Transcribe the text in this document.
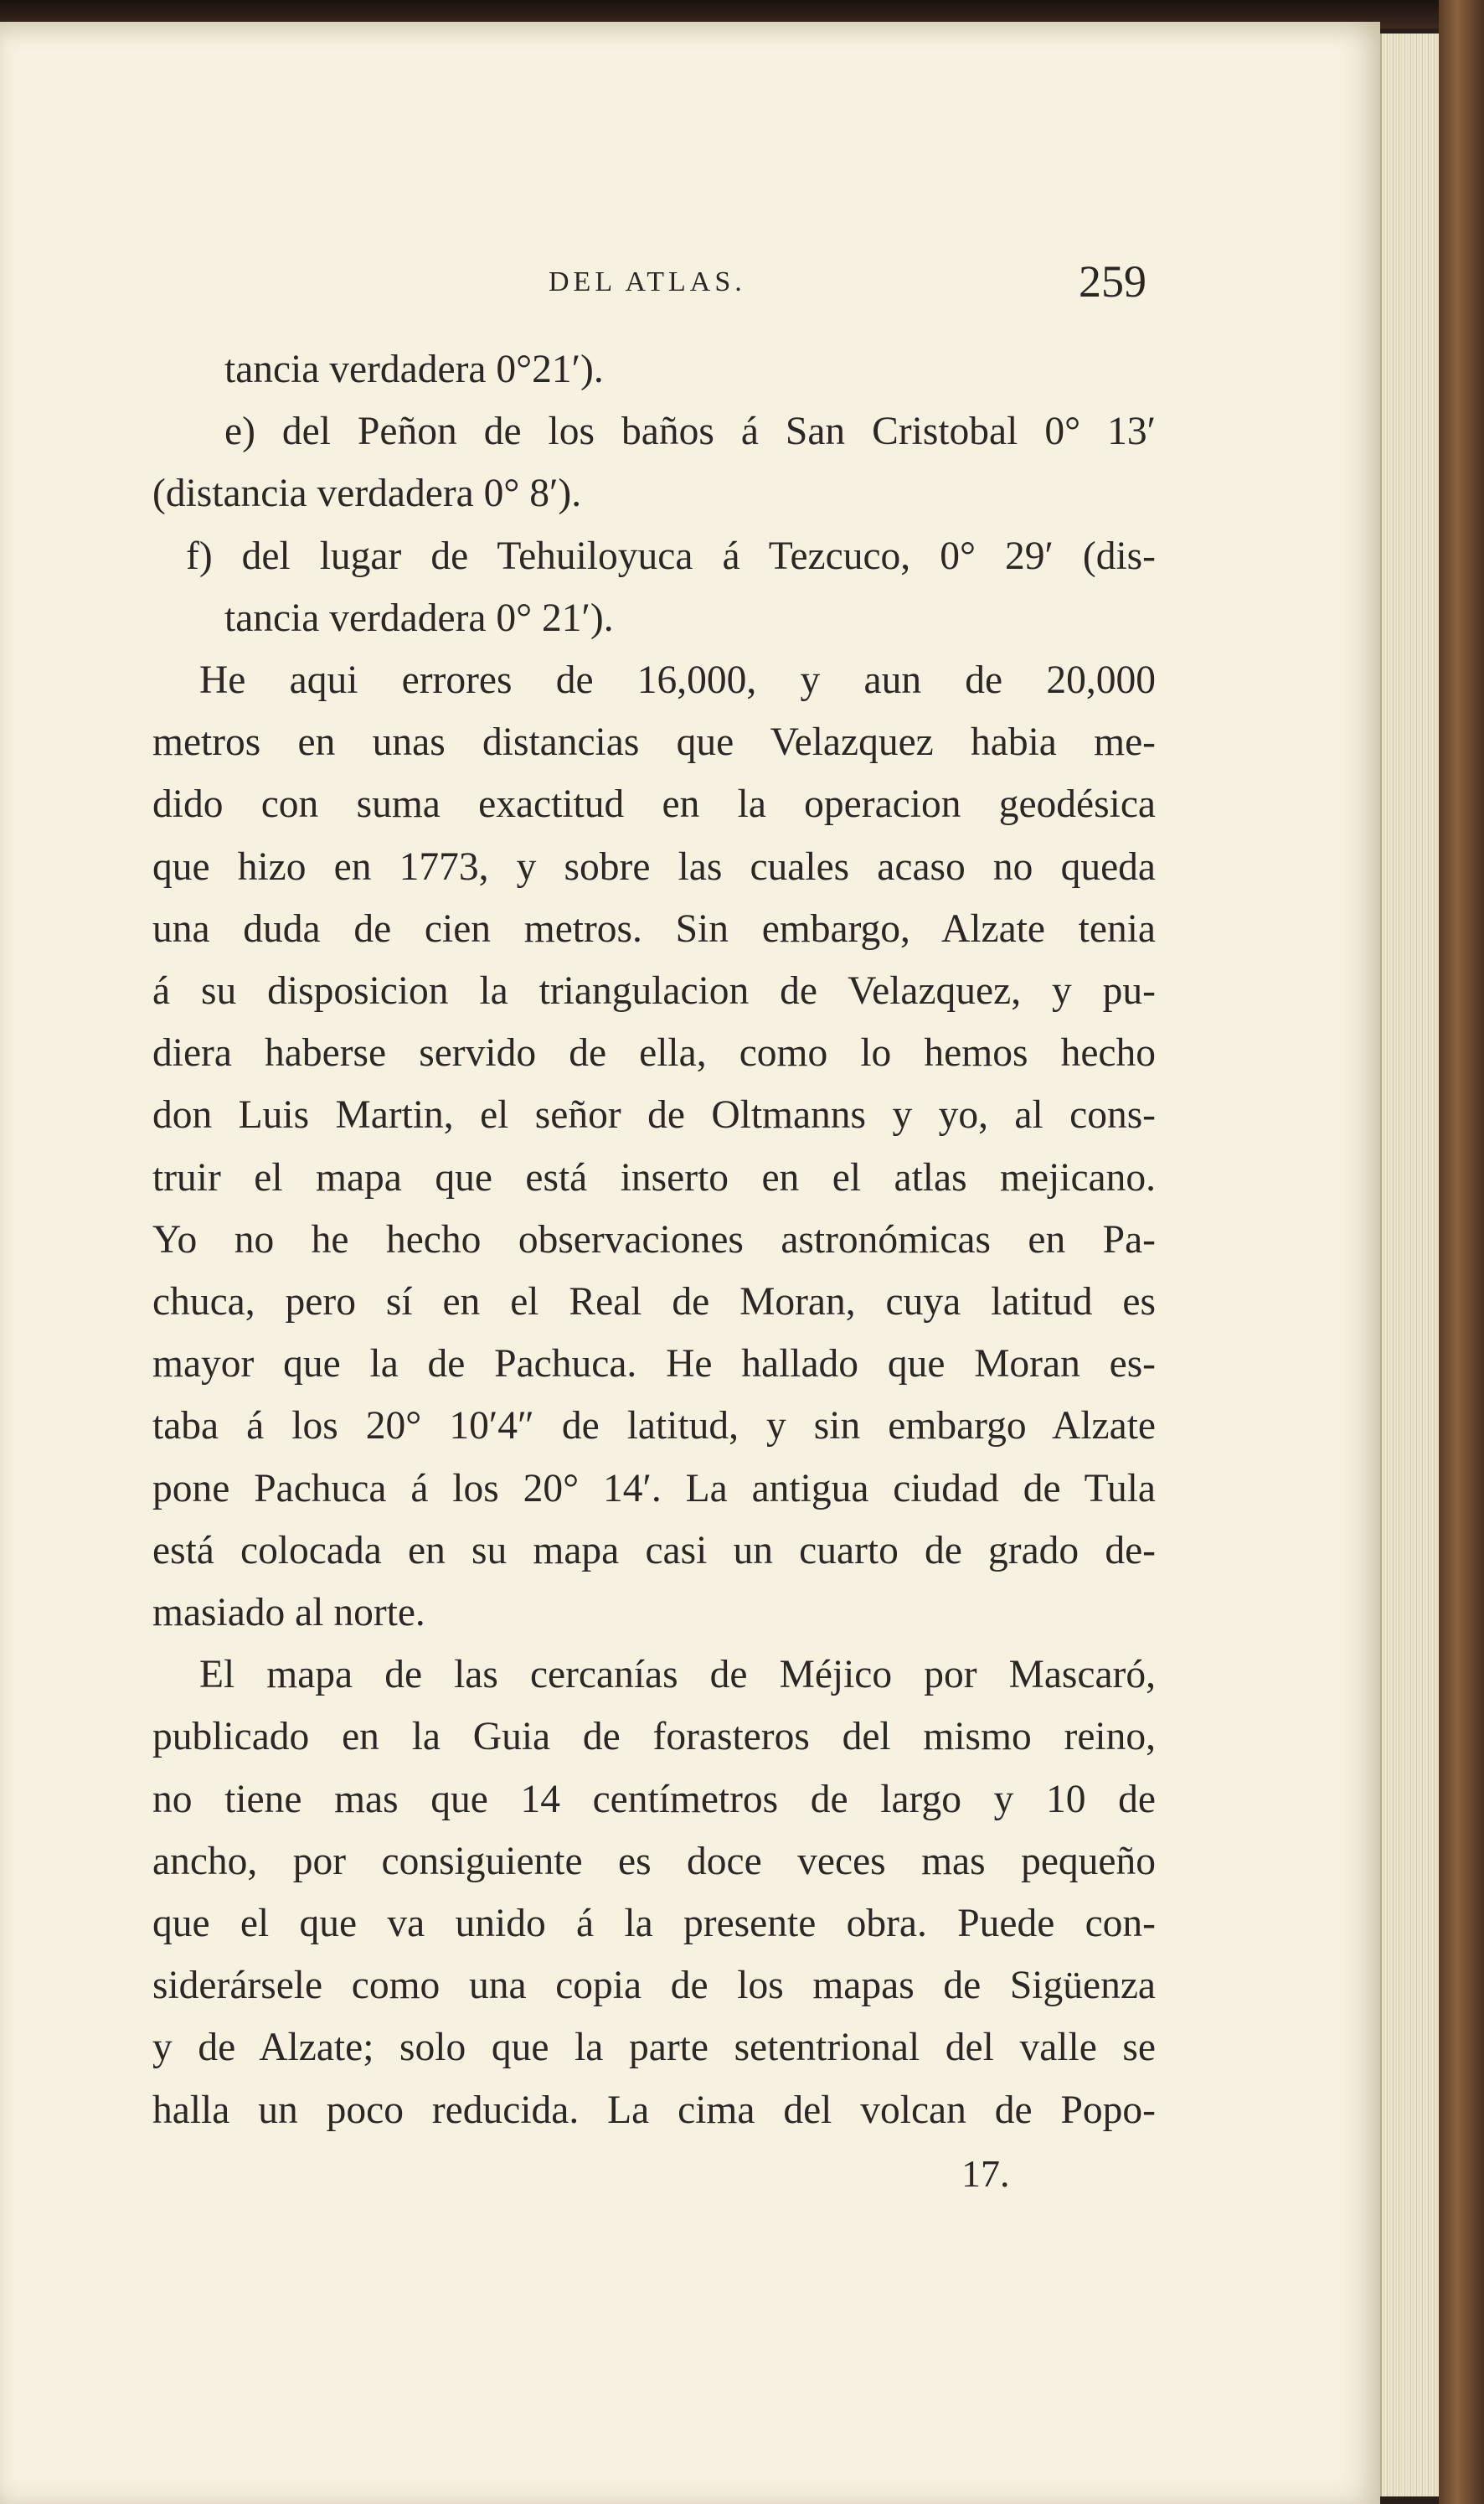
DEL ATLAS.	259
tancia verdadera 0°21′).
e) del Peñon de los baños á San Cristobal 0° 13′
(distancia verdadera 0° 8′).
f) del lugar de Tehuiloyuca á Tezcuco, 0° 29′ (dis-
tancia verdadera 0° 21′).
He aqui errores de 16,000, y aun de 20,000
metros en unas distancias que Velazquez habia me-
dido con suma exactitud en la operacion geodésica
que hizo en 1773, y sobre las cuales acaso no queda
una duda de cien metros. Sin embargo, Alzate tenia
á su disposicion la triangulacion de Velazquez, y pu-
diera haberse servido de ella, como lo hemos hecho
don Luis Martin, el señor de Oltmanns y yo, al cons-
truir el mapa que está inserto en el atlas mejicano.
Yo no he hecho observaciones astronómicas en Pa-
chuca, pero sí en el Real de Moran, cuya latitud es
mayor que la de Pachuca. He hallado que Moran es-
taba á los 20° 10′4″ de latitud, y sin embargo Alzate
pone Pachuca á los 20° 14′. La antigua ciudad de Tula
está colocada en su mapa casi un cuarto de grado de-
masiado al norte.
El mapa de las cercanías de Méjico por Mascaró,
publicado en la Guia de forasteros del mismo reino,
no tiene mas que 14 centímetros de largo y 10 de
ancho, por consiguiente es doce veces mas pequeño
que el que va unido á la presente obra. Puede con-
siderársele como una copia de los mapas de Sigüenza
y de Alzate; solo que la parte setentrional del valle se
halla un poco reducida. La cima del volcan de Popo-
17.
